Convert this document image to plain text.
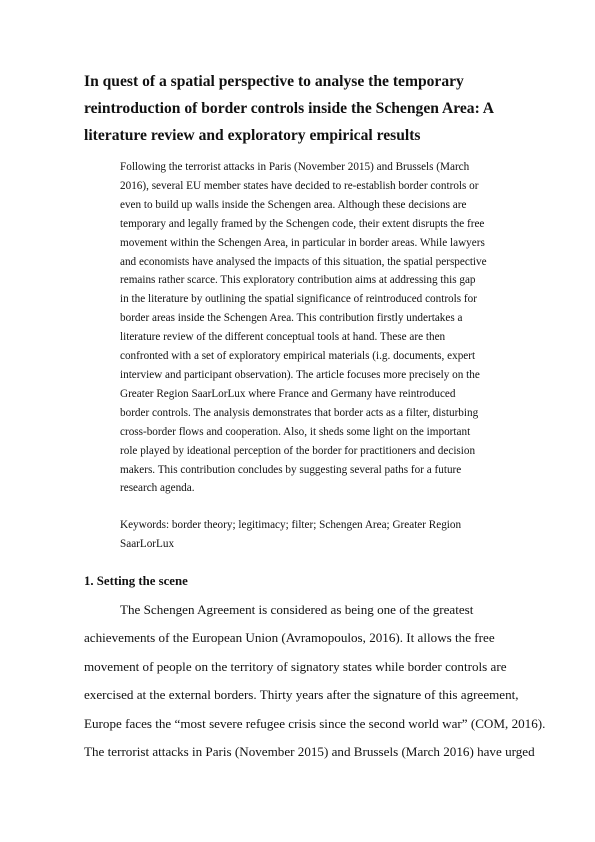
In quest of a spatial perspective to analyse the temporary
reintroduction of border controls inside the Schengen Area: A
literature review and exploratory empirical results
Following the terrorist attacks in Paris (November 2015) and Brussels (March
2016), several EU member states have decided to re-establish border controls or
even to build up walls inside the Schengen area. Although these decisions are
temporary and legally framed by the Schengen code, their extent disrupts the free
movement within the Schengen Area, in particular in border areas. While lawyers
and economists have analysed the impacts of this situation, the spatial perspective
remains rather scarce. This exploratory contribution aims at addressing this gap
in the literature by outlining the spatial significance of reintroduced controls for
border areas inside the Schengen Area. This contribution firstly undertakes a
literature review of the different conceptual tools at hand. These are then
confronted with a set of exploratory empirical materials (i.g. documents, expert
interview and participant observation). The article focuses more precisely on the
Greater Region SaarLorLux where France and Germany have reintroduced
border controls. The analysis demonstrates that border acts as a filter, disturbing
cross-border flows and cooperation. Also, it sheds some light on the important
role played by ideational perception of the border for practitioners and decision
makers. This contribution concludes by suggesting several paths for a future
research agenda.
Keywords: border theory; legitimacy; filter; Schengen Area; Greater Region
SaarLorLux
1. Setting the scene
The Schengen Agreement is considered as being one of the greatest
achievements of the European Union (Avramopoulos, 2016). It allows the free
movement of people on the territory of signatory states while border controls are
exercised at the external borders. Thirty years after the signature of this agreement,
Europe faces the “most severe refugee crisis since the second world war” (COM, 2016).
The terrorist attacks in Paris (November 2015) and Brussels (March 2016) have urged
